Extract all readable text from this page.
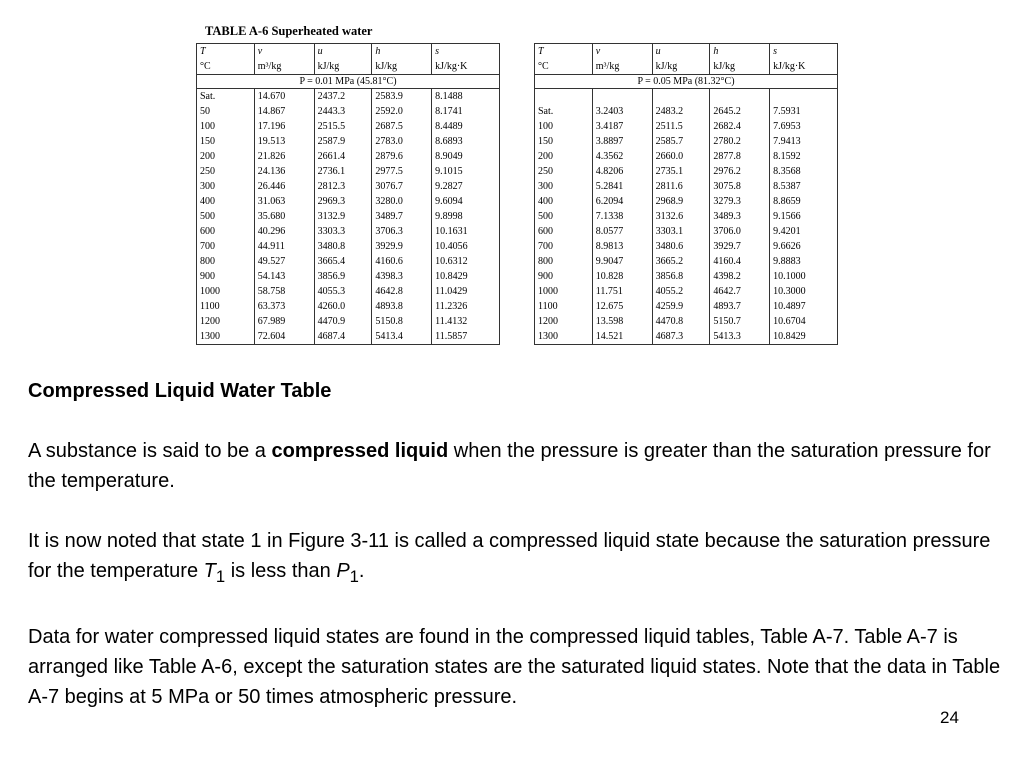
TABLE A-6 Superheated water
T	v	u	h	s
°C	m³/kg	kJ/kg	kJ/kg	kJ/kg·K
P = 0.01 MPa (45.81°C)				
Sat.	14.670	2437.2	2583.9	8.1488
50	14.867	2443.3	2592.0	8.1741
100	17.196	2515.5	2687.5	8.4489
150	19.513	2587.9	2783.0	8.6893
200	21.826	2661.4	2879.6	8.9049
250	24.136	2736.1	2977.5	9.1015
300	26.446	2812.3	3076.7	9.2827
400	31.063	2969.3	3280.0	9.6094
500	35.680	3132.9	3489.7	9.8998
600	40.296	3303.3	3706.3	10.1631
700	44.911	3480.8	3929.9	10.4056
800	49.527	3665.4	4160.6	10.6312
900	54.143	3856.9	4398.3	10.8429
1000	58.758	4055.3	4642.8	11.0429
1100	63.373	4260.0	4893.8	11.2326
1200	67.989	4470.9	5150.8	11.4132
1300	72.604	4687.4	5413.4	11.5857
T	v	u	h	s
°C	m³/kg	kJ/kg	kJ/kg	kJ/kg·K
P = 0.05 MPa (81.32°C)				

Sat.	3.2403	2483.2	2645.2	7.5931
100	3.4187	2511.5	2682.4	7.6953
150	3.8897	2585.7	2780.2	7.9413
200	4.3562	2660.0	2877.8	8.1592
250	4.8206	2735.1	2976.2	8.3568
300	5.2841	2811.6	3075.8	8.5387
400	6.2094	2968.9	3279.3	8.8659
500	7.1338	3132.6	3489.3	9.1566
600	8.0577	3303.1	3706.0	9.4201
700	8.9813	3480.6	3929.7	9.6626
800	9.9047	3665.2	4160.4	9.8883
900	10.828	3856.8	4398.2	10.1000
1000	11.751	4055.2	4642.7	10.3000
1100	12.675	4259.9	4893.7	10.4897
1200	13.598	4470.8	5150.7	10.6704
1300	14.521	4687.3	5413.3	10.8429

Compressed Liquid Water Table

A substance is said to be a compressed liquid when the pressure is greater than the saturation pressure for the temperature.

It is now noted that state 1 in Figure 3-11 is called a compressed liquid state because the saturation pressure for the temperature $T_1$ is less than $P_1$.

Data for water compressed liquid states are found in the compressed liquid tables, Table A-7. Table A-7 is arranged like Table A-6, except the saturation states are the saturated liquid states. Note that the data in Table A-7 begins at 5 MPa or 50 times atmospheric pressure.

24
